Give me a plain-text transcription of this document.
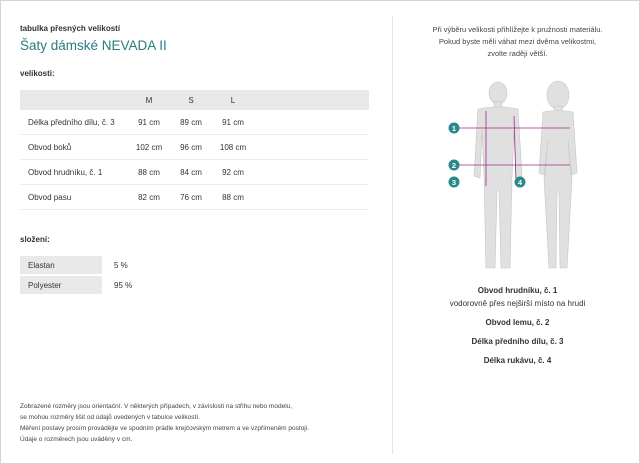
tabulka přesných velikostí
Šaty dámské NEVADA II
velikosti:
	M	S	L	
Délka předního dílu, č. 3	91 cm	89 cm	91 cm	
Obvod boků	102 cm	96 cm	108 cm	
Obvod hrudníku, č. 1	88 cm	84 cm	92 cm	
Obvod pasu	82 cm	76 cm	88 cm	
složení:
Elastan	5 %
Polyester	95 %
Zobrazené rozměry jsou orientační. V některých případech, v závislosti na střihu nebo modelu,
se mohou rozměry lišit od údajů uvedených v tabulce velikostí.
Měření postavy prosím provádějte ve spodním prádle krejčovským metrem a ve vzpřímeném postoji.
Údaje o rozměrech jsou uváděny v cm.
Při výběru velikosti přihlížejte k pružnosti materiálu.
Pokud byste měli váhat mezi dvěma velikostmi,
zvolte raději větší.
1
2
3	4
Obvod hrudníku, č. 1
vodorovně přes nejširší místo na hrudi
Obvod lemu, č. 2
Délka předního dílu, č. 3
Délka rukávu, č. 4
